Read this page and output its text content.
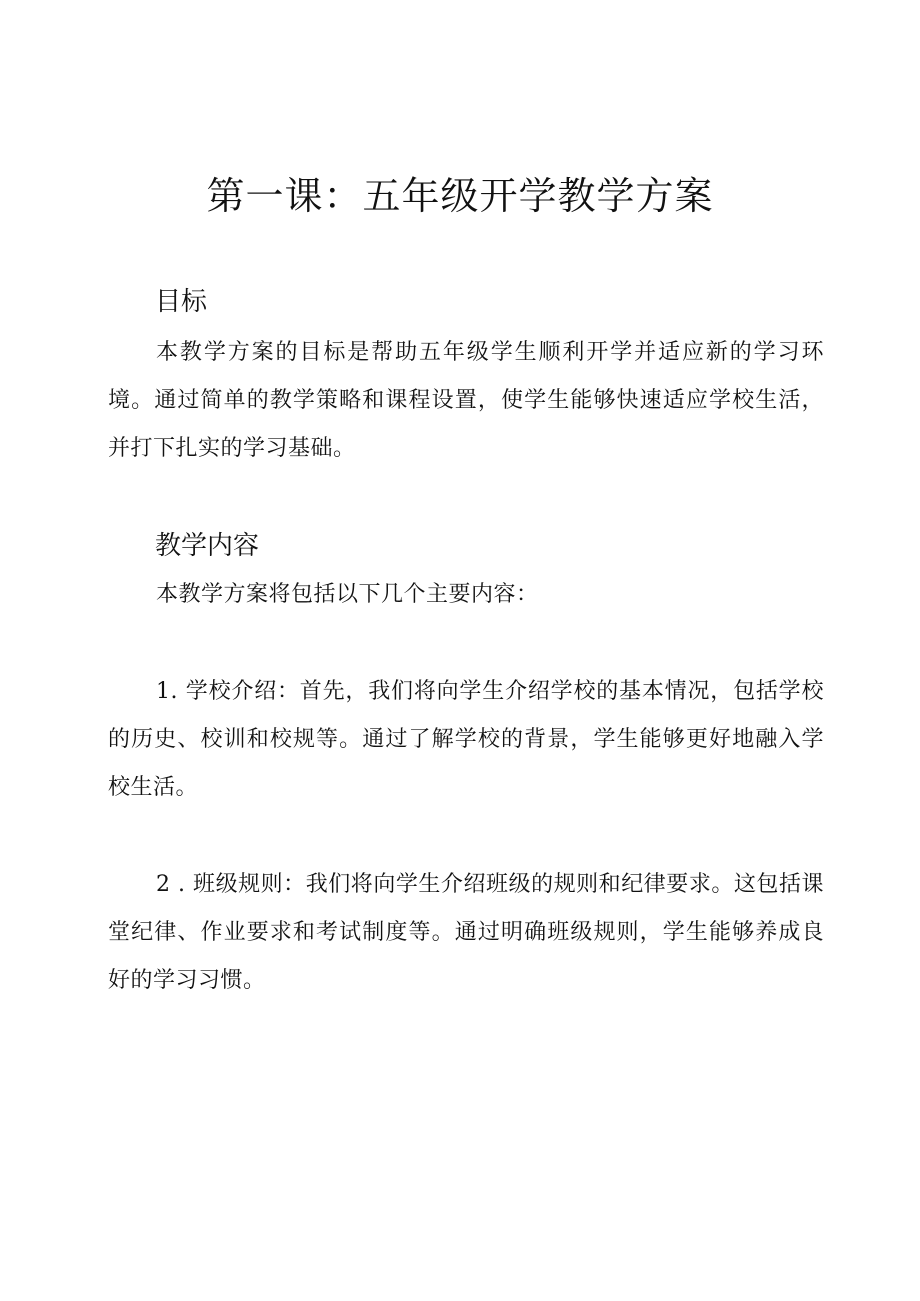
第一课：五年级开学教学方案
目标

本教学方案的目标是帮助五年级学生顺利开学并适应新的学习环境。通过简单的教学策略和课程设置，使学生能够快速适应学校生活，并打下扎实的学习基础。

教学内容

本教学方案将包括以下几个主要内容：

1. 学校介绍：首先，我们将向学生介绍学校的基本情况，包括学校的历史、校训和校规等。通过了解学校的背景，学生能够更好地融入学校生活。

2 . 班级规则：我们将向学生介绍班级的规则和纪律要求。这包括课堂纪律、作业要求和考试制度等。通过明确班级规则，学生能够养成良好的学习习惯。
